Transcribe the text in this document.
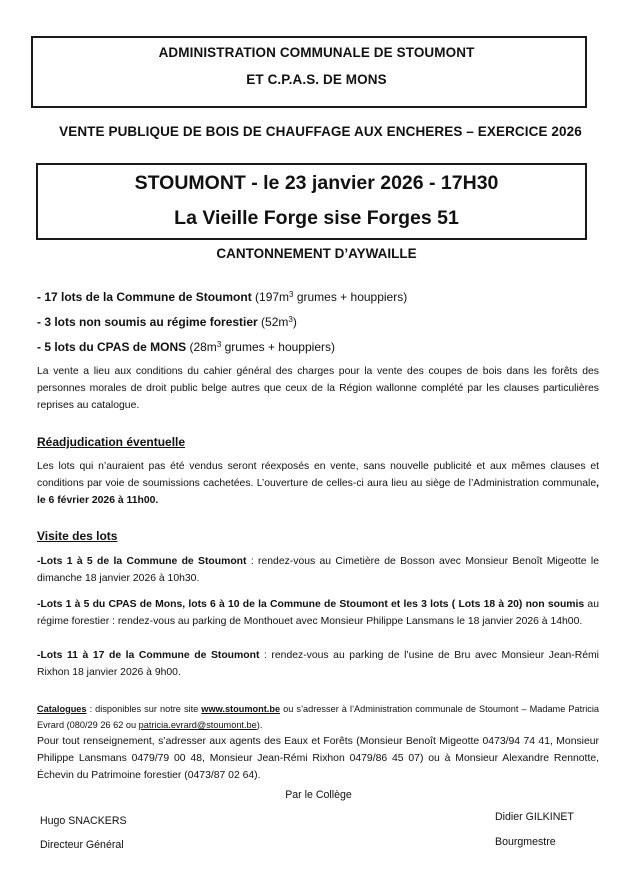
ADMINISTRATION COMMUNALE DE STOUMONT
ET C.P.A.S. DE MONS
VENTE PUBLIQUE DE BOIS DE CHAUFFAGE AUX ENCHERES – EXERCICE 2026
STOUMONT - le 23 janvier 2026 - 17H30
La Vieille Forge sise Forges 51
CANTONNEMENT D’AYWAILLE
- 17 lots de la Commune de Stoumont ($197m^3$ grumes + houppiers)
- 3 lots non soumis au régime forestier $(52m^3)$
- 5 lots du CPAS de MONS ($28m^3$ grumes + houppiers)
La vente a lieu aux conditions du cahier général des charges pour la vente des coupes de bois dans les forêts des personnes morales de droit public belge autres que ceux de la Région wallonne complété par les clauses particulières reprises au catalogue.
Réadjudication éventuelle
Les lots qui n’auraient pas été vendus seront réexposés en vente, sans nouvelle publicité et aux mêmes clauses et conditions par voie de soumissions cachetées. L’ouverture de celles-ci aura lieu au siège de l’Administration communale, le 6 février 2026 à 11h00.
Visite des lots
-Lots 1 à 5 de la Commune de Stoumont : rendez-vous au Cimetière de Bosson avec Monsieur Benoît Migeotte le dimanche 18 janvier 2026 à 10h30.
-Lots 1 à 5 du CPAS de Mons, lots 6 à 10 de la Commune de Stoumont et les 3 lots ( Lots 18 à 20) non soumis au régime forestier : rendez-vous au parking de Monthouet avec Monsieur Philippe Lansmans le 18 janvier 2026 à 14h00.
-Lots 11 à 17 de la Commune de Stoumont : rendez-vous au parking de l’usine de Bru avec Monsieur Jean-Rémi Rixhon 18 janvier 2026 à 9h00.
Catalogues : disponibles sur notre site www.stoumont.be ou s’adresser à l’Administration communale de Stoumont – Madame Patricia Evrard (080/29 26 62 ou patricia.evrard@stoumont.be).
Pour tout renseignement, s’adresser aux agents des Eaux et Forêts (Monsieur Benoît Migeotte 0473/94 74 41, Monsieur Philippe Lansmans 0479/79 00 48, Monsieur Jean-Rémi Rixhon 0479/86 45 07) ou à Monsieur Alexandre Rennotte, Échevin du Patrimoine forestier (0473/87 02 64).
Par le Collège
Hugo SNACKERS
Directeur Général
Didier GILKINET
Bourgmestre
